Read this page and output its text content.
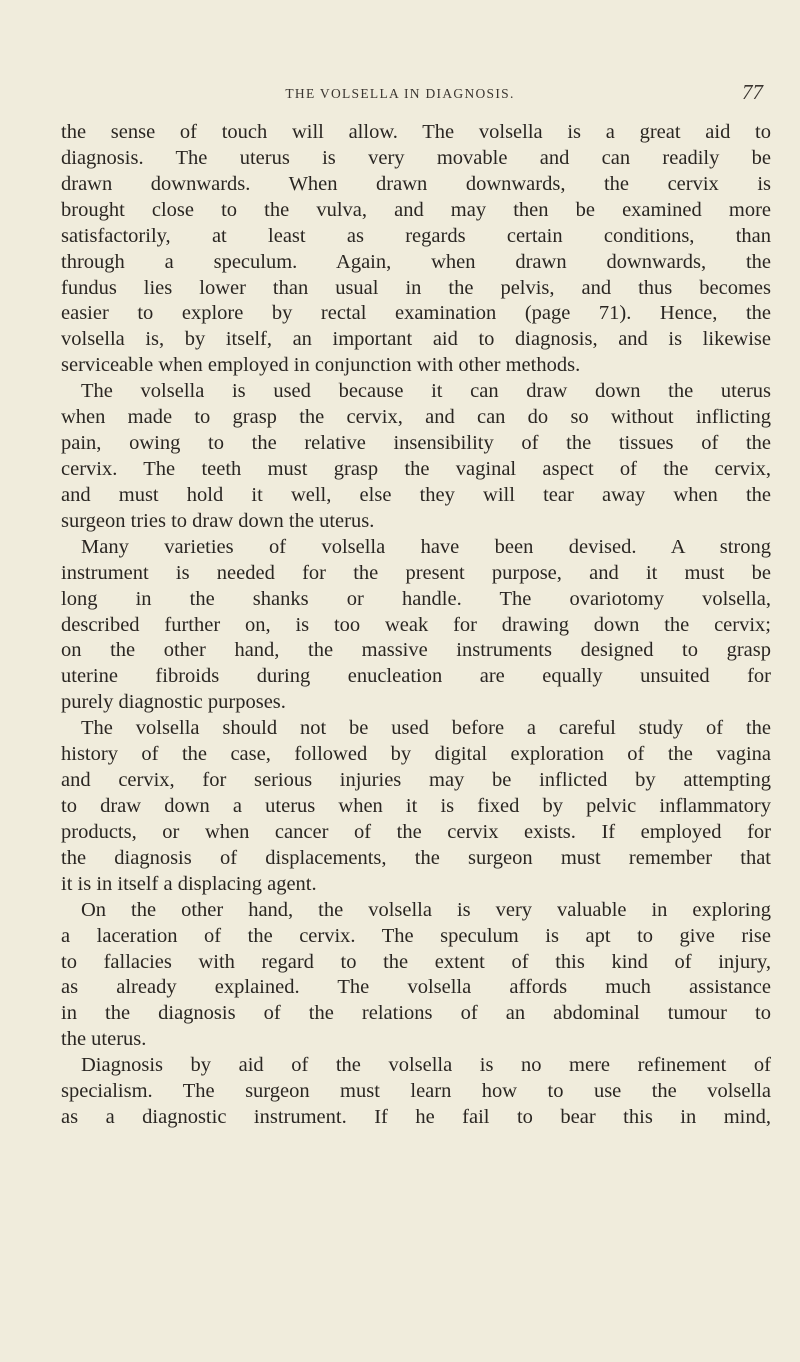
THE VOLSELLA IN DIAGNOSIS.	77
the sense of touch will allow. The volsella is a great aid to
diagnosis. The uterus is very movable and can readily be
drawn downwards. When drawn downwards, the cervix is
brought close to the vulva, and may then be examined more
satisfactorily, at least as regards certain conditions, than
through a speculum. Again, when drawn downwards, the
fundus lies lower than usual in the pelvis, and thus becomes
easier to explore by rectal examination (page 71). Hence, the
volsella is, by itself, an important aid to diagnosis, and is likewise
serviceable when employed in conjunction with other methods.
The volsella is used because it can draw down the uterus
when made to grasp the cervix, and can do so without inflicting
pain, owing to the relative insensibility of the tissues of the
cervix. The teeth must grasp the vaginal aspect of the cervix,
and must hold it well, else they will tear away when the
surgeon tries to draw down the uterus.
Many varieties of volsella have been devised. A strong
instrument is needed for the present purpose, and it must be
long in the shanks or handle. The ovariotomy volsella,
described further on, is too weak for drawing down the cervix;
on the other hand, the massive instruments designed to grasp
uterine fibroids during enucleation are equally unsuited for
purely diagnostic purposes.
The volsella should not be used before a careful study of the
history of the case, followed by digital exploration of the vagina
and cervix, for serious injuries may be inflicted by attempting
to draw down a uterus when it is fixed by pelvic inflammatory
products, or when cancer of the cervix exists. If employed for
the diagnosis of displacements, the surgeon must remember that
it is in itself a displacing agent.
On the other hand, the volsella is very valuable in exploring
a laceration of the cervix. The speculum is apt to give rise
to fallacies with regard to the extent of this kind of injury,
as already explained. The volsella affords much assistance
in the diagnosis of the relations of an abdominal tumour to
the uterus.
Diagnosis by aid of the volsella is no mere refinement of
specialism. The surgeon must learn how to use the volsella
as a diagnostic instrument. If he fail to bear this in mind,
